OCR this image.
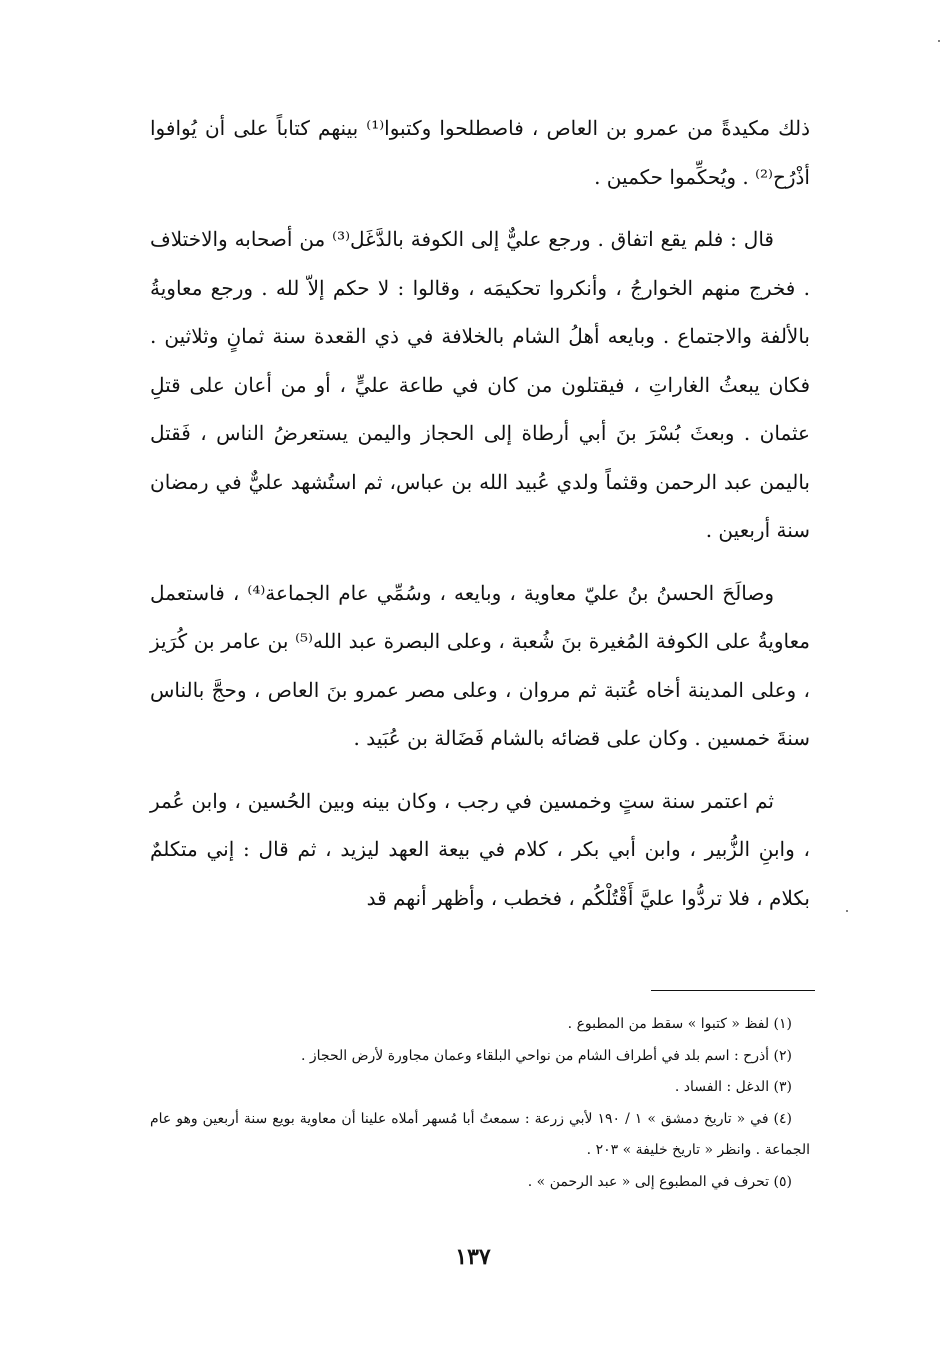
ذلك مكيدةً من عمرو بن العاص ، فاصطلحوا وكتبوا⁽¹⁾ بينهم كتاباً على أن يُوافوا أذْرُح⁽²⁾ . ويُحكِّموا حكمين .

قال : فلم يقع اتفاق . ورجع عليٌّ إلى الكوفة بالدَّغَل⁽³⁾ من أصحابه والاختلاف . فخرج منهم الخوارجُ ، وأنكروا تحكيمَه ، وقالوا : لا حكم إلاّ لله . ورجع معاويةُ بالألفة والاجتماع . وبايعه أهلُ الشام بالخلافة في ذي القعدة سنة ثمانٍ وثلاثين . فكان يبعثُ الغاراتِ ، فيقتلون من كان في طاعة عليٍّ ، أو من أعان على قتلِ عثمان . وبعثَ بُسْرَ بنَ أبي أرطاة إلى الحجاز واليمن يستعرضُ الناس ، فَقتل باليمن عبد الرحمن وقثماً ولدي عُبيد الله بن عباس، ثم استُشهد عليٌّ في رمضان سنة أربعين .

وصالَحَ الحسنُ بنُ عليّ معاوية ، وبايعه ، وسُمِّي عام الجماعة⁽⁴⁾ ، فاستعمل معاويةُ على الكوفة المُغيرة بنَ شُعبة ، وعلى البصرة عبد الله⁽⁵⁾ بن عامر بن كُرَيز ، وعلى المدينة أخاه عُتبة ثم مروان ، وعلى مصر عمرو بنَ العاص ، وحجَّ بالناس سنةَ خمسين . وكان على قضائه بالشام فَضَالة بن عُبَيد .

ثم اعتمر سنة ستٍ وخمسين في رجب ، وكان بينه وبين الحُسين ، وابن عُمر ، وابنِ الزُّبير ، وابن أبي بكر ، كلام في بيعة العهد ليزيد ، ثم قال : إني متكلمٌ بكلام ، فلا تردُّوا عليَّ أَقْتُلْكُم ، فخطب ، وأظهر أنهم قد

(١) لفظ « كتبوا » سقط من المطبوع .

(٢) أذرح : اسم بلد في أطراف الشام من نواحي البلقاء وعمان مجاورة لأرض الحجاز .

(٣) الدغل : الفساد .

(٤) في « تاريخ دمشق » ١ / ١٩٠ لأبي زرعة : سمعتُ أبا مُسهر أملاه علينا أن معاوية بويع سنة أربعين وهو عام الجماعة . وانظر « تاريخ خليفة » ٢٠٣ .

(٥) تحرف في المطبوع إلى « عبد الرحمن » .

١٣٧
